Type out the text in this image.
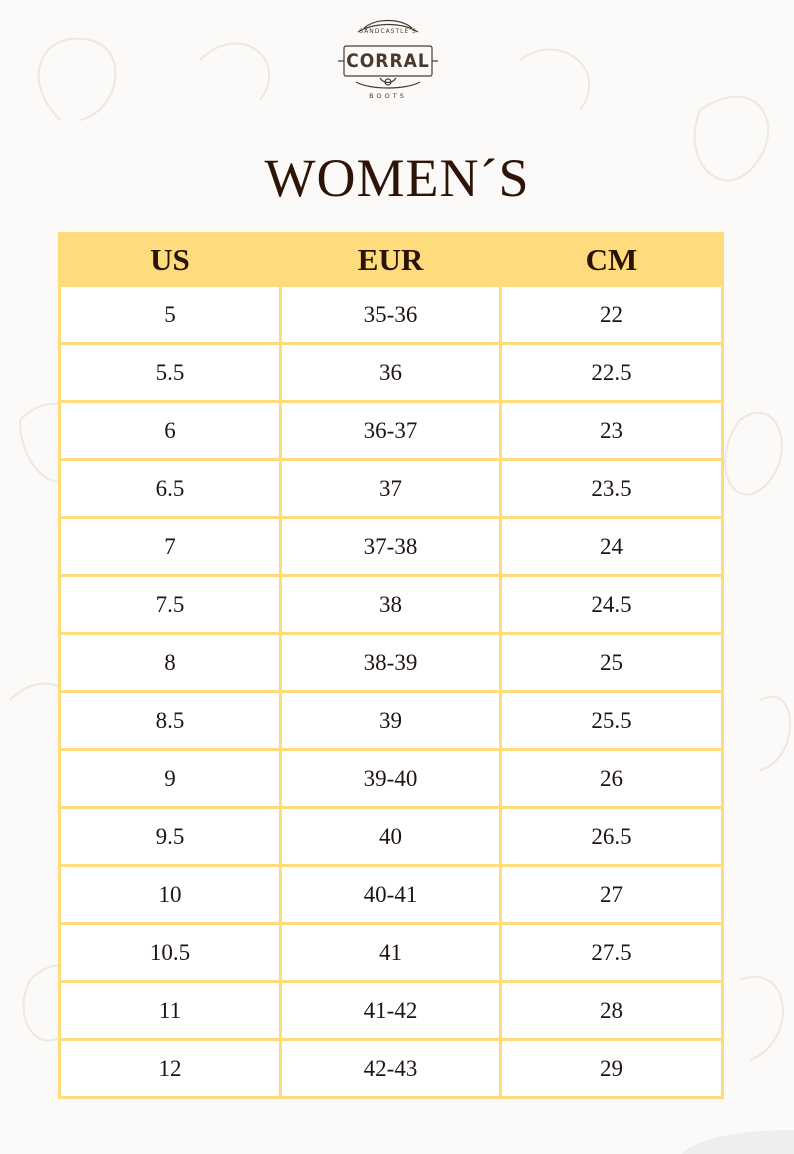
SANDCASTLE'S
CORRAL
BOOTS
WOMEN´S
US	EUR	CM
5	35-36	22
5.5	36	22.5
6	36-37	23
6.5	37	23.5
7	37-38	24
7.5	38	24.5
8	38-39	25
8.5	39	25.5
9	39-40	26
9.5	40	26.5
10	40-41	27
10.5	41	27.5
11	41-42	28
12	42-43	29
